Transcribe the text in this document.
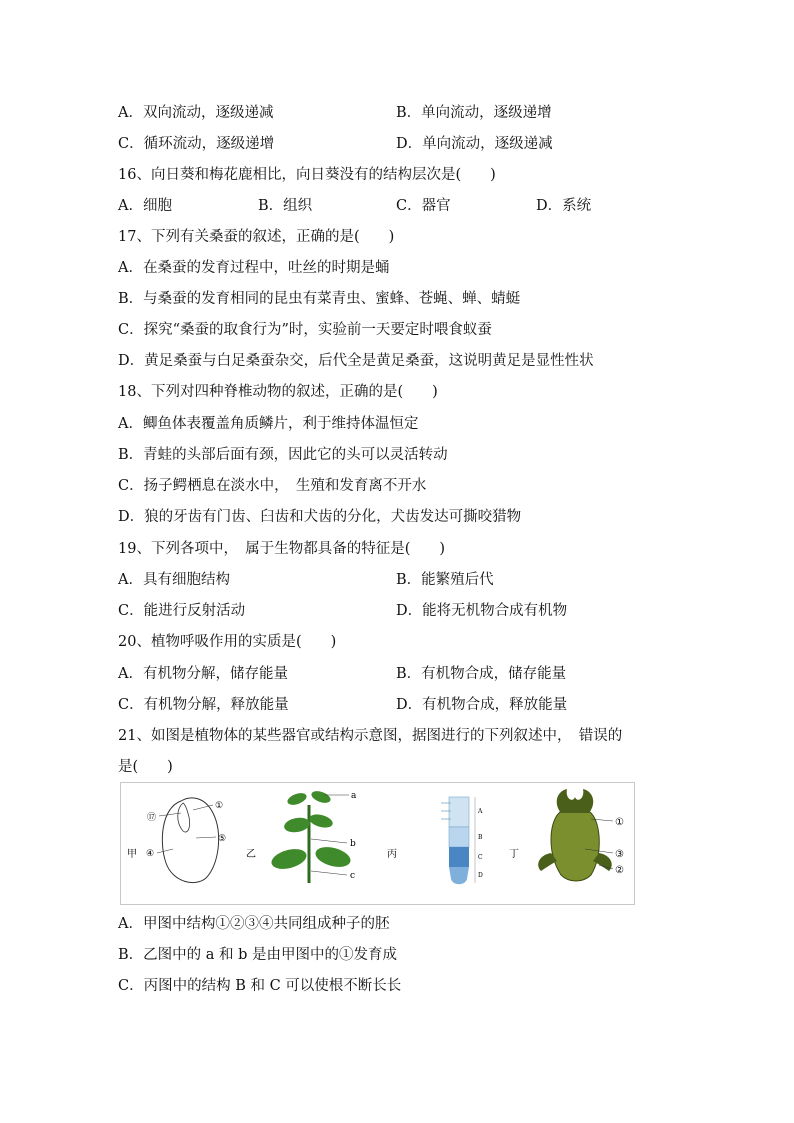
A．双向流动，逐级递减	B．单向流动，逐级递增
C．循环流动，逐级递增	D．单向流动，逐级递减
16、向日葵和梅花鹿相比，向日葵没有的结构层次是(　　)
A．细胞	B．组织	C．器官	D．系统
17、下列有关桑蚕的叙述，正确的是(　　)
A．在桑蚕的发育过程中，吐丝的时期是蛹
B．与桑蚕的发育相同的昆虫有菜青虫、蜜蜂、苍蝇、蝉、蜻蜓
C．探究“桑蚕的取食行为”时，实验前一天要定时喂食蚁蚕
D．黄足桑蚕与白足桑蚕杂交，后代全是黄足桑蚕，这说明黄足是显性性状
18、下列对四种脊椎动物的叙述，正确的是(　　)
A．鲫鱼体表覆盖角质鳞片，利于维持体温恒定
B．青蛙的头部后面有颈，因此它的头可以灵活转动
C．扬子鳄栖息在淡水中，　生殖和发育离不开水
D．狼的牙齿有门齿、臼齿和犬齿的分化，犬齿发达可撕咬猎物
19、下列各项中，　属于生物都具备的特征是(　　)
A．具有细胞结构	B．能繁殖后代
C．能进行反射活动	D．能将无机物合成有机物
20、植物呼吸作用的实质是(　　)
A．有机物分解，储存能量	B．有机物合成，储存能量
C．有机物分解，释放能量	D．有机物合成，释放能量
21、如图是植物体的某些器官或结构示意图，据图进行的下列叙述中，　错误的
是(　　)
甲
⑰
①
④
⑤
乙
a
b
c
丙
A
B
C
D
丁
①
③
②
A．甲图中结构①②③④共同组成种子的胚
B．乙图中的 a 和 b 是由甲图中的①发育成
C．丙图中的结构 B 和 C 可以使根不断长长
